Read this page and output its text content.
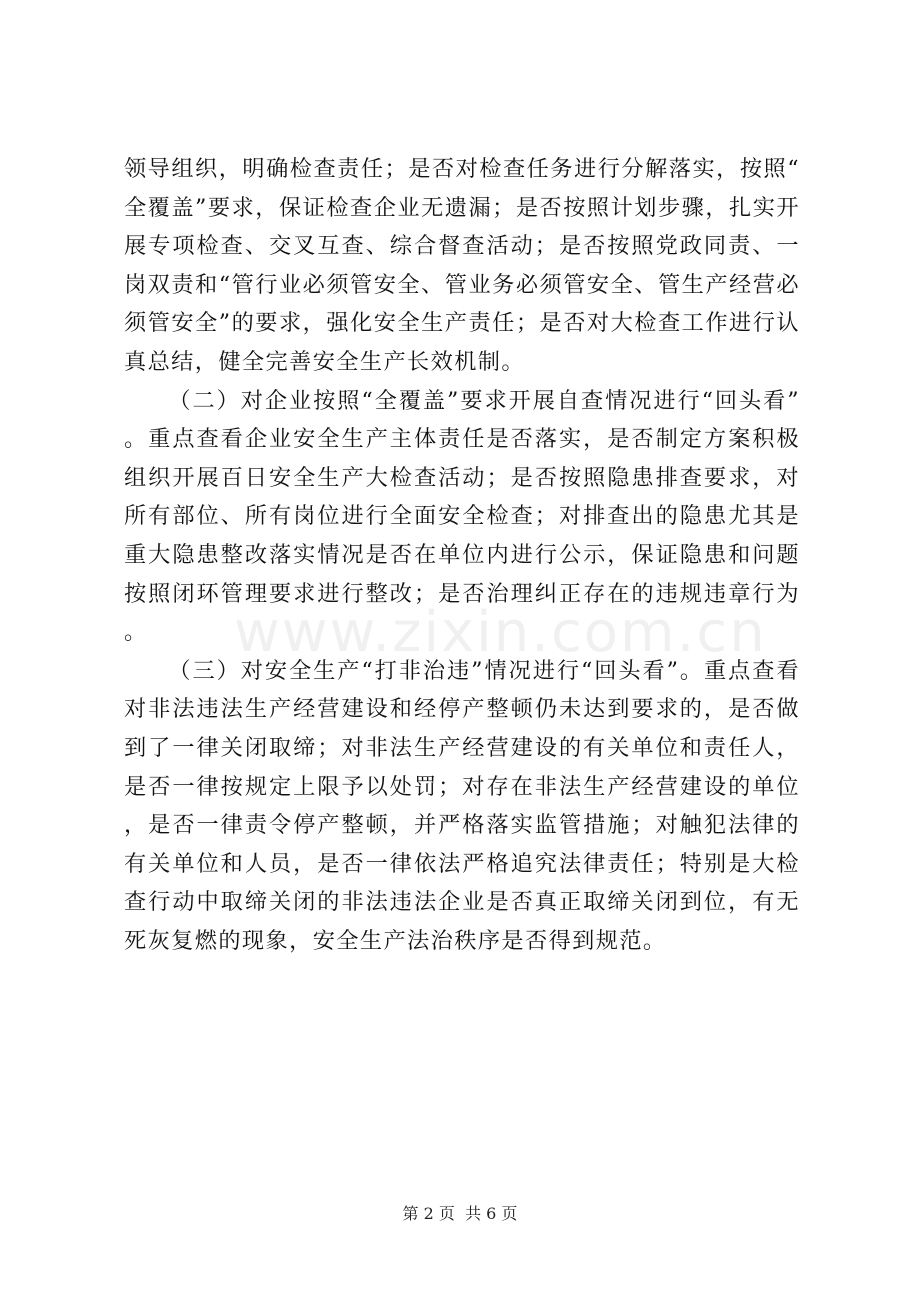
www.zixin.com.cn

领导组织，明确检查责任；是否对检查任务进行分解落实，按照“全覆盖”要求，保证检查企业无遗漏；是否按照计划步骤，扎实开展专项检查、交叉互查、综合督查活动；是否按照党政同责、一岗双责和“管行业必须管安全、管业务必须管安全、管生产经营必须管安全”的要求，强化安全生产责任；是否对大检查工作进行认真总结，健全完善安全生产长效机制。

（二）对企业按照“全覆盖”要求开展自查情况进行“回头看”。重点查看企业安全生产主体责任是否落实，是否制定方案积极组织开展百日安全生产大检查活动；是否按照隐患排查要求，对所有部位、所有岗位进行全面安全检查；对排查出的隐患尤其是重大隐患整改落实情况是否在单位内进行公示，保证隐患和问题按照闭环管理要求进行整改；是否治理纠正存在的违规违章行为。

（三）对安全生产“打非治违”情况进行“回头看”。重点查看对非法违法生产经营建设和经停产整顿仍未达到要求的，是否做到了一律关闭取缔；对非法生产经营建设的有关单位和责任人，是否一律按规定上限予以处罚；对存在非法生产经营建设的单位，是否一律责令停产整顿，并严格落实监管措施；对触犯法律的有关单位和人员，是否一律依法严格追究法律责任；特别是大检查行动中取缔关闭的非法违法企业是否真正取缔关闭到位，有无死灰复燃的现象，安全生产法治秩序是否得到规范。

第 2 页  共 6 页
